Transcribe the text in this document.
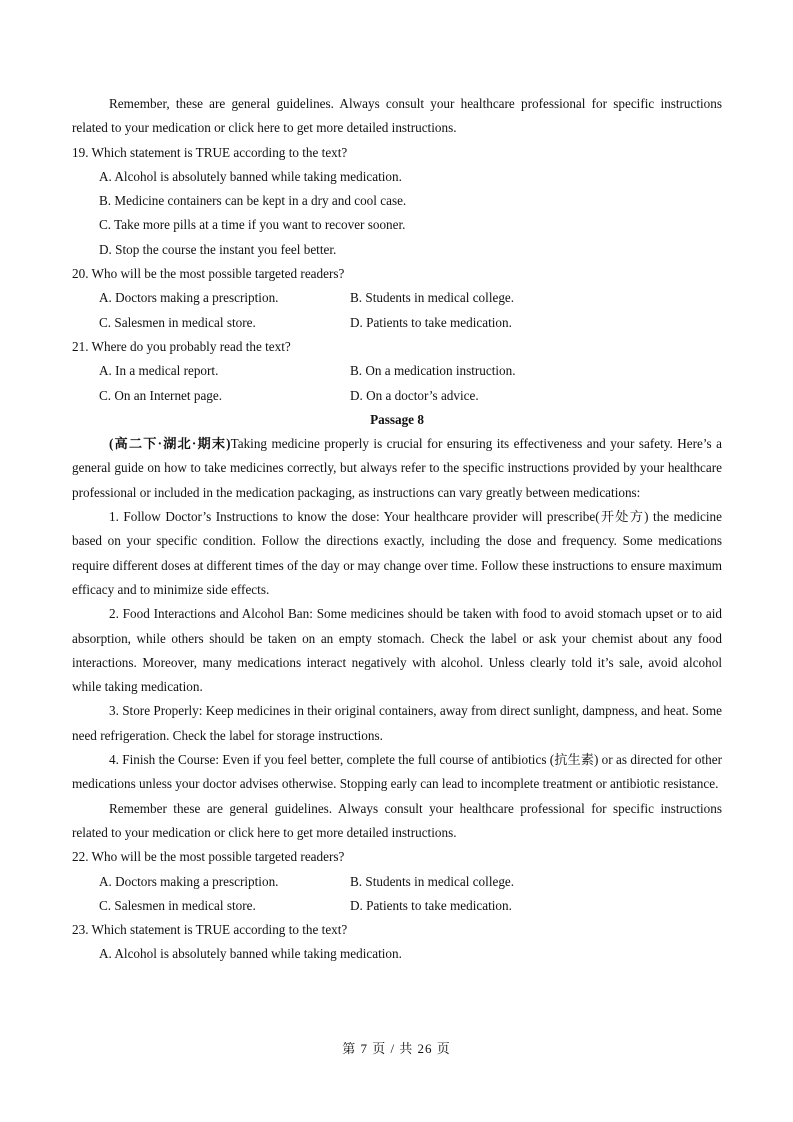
Remember, these are general guidelines. Always consult your healthcare professional for specific instructions related to your medication or click here to get more detailed instructions.

19. Which statement is TRUE according to the text?

A. Alcohol is absolutely banned while taking medication.

B. Medicine containers can be kept in a dry and cool case.

C. Take more pills at a time if you want to recover sooner.

D. Stop the course the instant you feel better.

20. Who will be the most possible targeted readers?

A. Doctors making a prescription.	B. Students in medical college.
C. Salesmen in medical store.	D. Patients to take medication.

21. Where do you probably read the text?

A. In a medical report.	B. On a medication instruction.
C. On an Internet page.	D. On a doctor’s advice.

Passage 8

(高二下·湖北·期末)Taking medicine properly is crucial for ensuring its effectiveness and your safety. Here’s a general guide on how to take medicines correctly, but always refer to the specific instructions provided by your healthcare professional or included in the medication packaging, as instructions can vary greatly between medications:

1. Follow Doctor’s Instructions to know the dose: Your healthcare provider will prescribe(开处方) the medicine based on your specific condition. Follow the directions exactly, including the dose and frequency. Some medications require different doses at different times of the day or may change over time. Follow these instructions to ensure maximum efficacy and to minimize side effects.

2. Food Interactions and Alcohol Ban: Some medicines should be taken with food to avoid stomach upset or to aid absorption, while others should be taken on an empty stomach. Check the label or ask your chemist about any food interactions. Moreover, many medications interact negatively with alcohol. Unless clearly told it’s sale, avoid alcohol while taking medication.

3. Store Properly: Keep medicines in their original containers, away from direct sunlight, dampness, and heat. Some need refrigeration. Check the label for storage instructions.

4. Finish the Course: Even if you feel better, complete the full course of antibiotics (抗生素) or as directed for other medications unless your doctor advises otherwise. Stopping early can lead to incomplete treatment or antibiotic resistance.

Remember these are general guidelines. Always consult your healthcare professional for specific instructions related to your medication or click here to get more detailed instructions.

22. Who will be the most possible targeted readers?

A. Doctors making a prescription.	B. Students in medical college.
C. Salesmen in medical store.	D. Patients to take medication.

23. Which statement is TRUE according to the text?

A. Alcohol is absolutely banned while taking medication.

第 7 页 / 共 26 页
